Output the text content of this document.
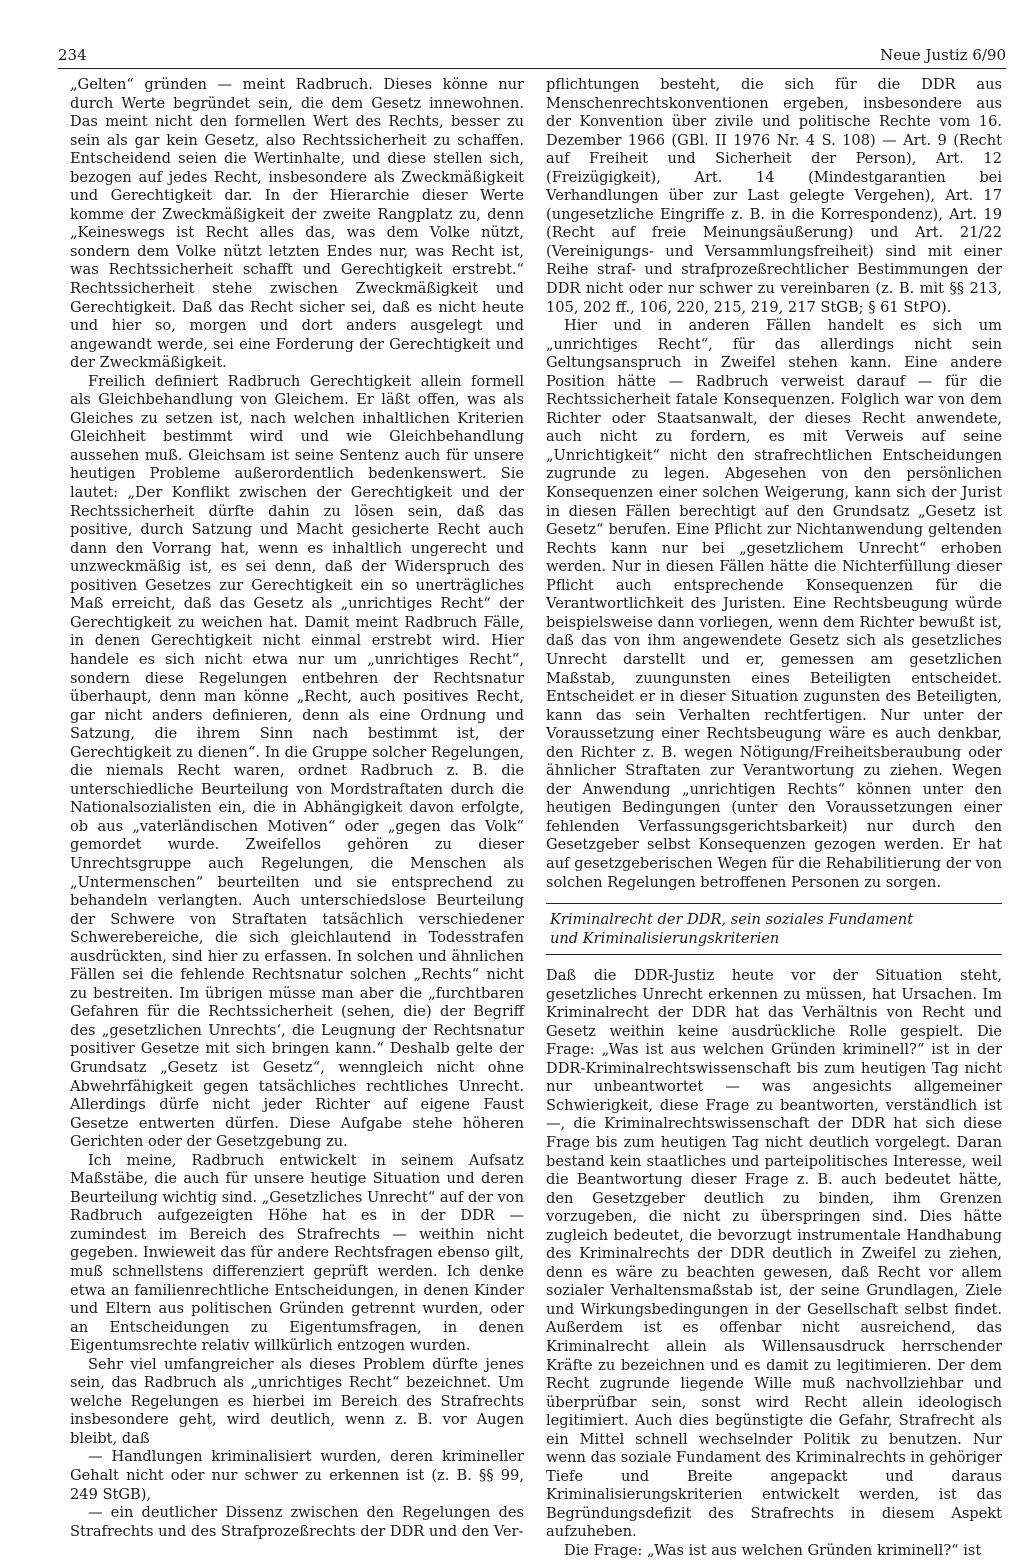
234	Neue Justiz 6/90

„Gelten“ gründen — meint Radbruch. Dieses könne nur durch Werte begründet sein, die dem Gesetz innewohnen. Das meint nicht den formellen Wert des Rechts, besser zu sein als gar kein Gesetz, also Rechtssicherheit zu schaffen. Entscheidend seien die Wertinhalte, und diese stellen sich, bezogen auf jedes Recht, insbesondere als Zweckmäßigkeit und Gerechtigkeit dar. In der Hierarchie dieser Werte komme der Zweckmäßigkeit der zweite Rangplatz zu, denn „Keineswegs ist Recht alles das, was dem Volke nützt, sondern dem Volke nützt letzten Endes nur, was Recht ist, was Rechtssicherheit schafft und Gerechtigkeit erstrebt.“ Rechtssicherheit stehe zwischen Zweckmäßigkeit und Gerechtigkeit. Daß das Recht sicher sei, daß es nicht heute und hier so, morgen und dort anders ausgelegt und angewandt werde, sei eine Forderung der Gerechtigkeit und der Zweckmäßigkeit.

Freilich definiert Radbruch Gerechtigkeit allein formell als Gleichbehandlung von Gleichem. Er läßt offen, was als Gleiches zu setzen ist, nach welchen inhaltlichen Kriterien Gleichheit bestimmt wird und wie Gleichbehandlung aussehen muß. Gleichsam ist seine Sentenz auch für unsere heutigen Probleme außerordentlich bedenkenswert. Sie lautet: „Der Konflikt zwischen der Gerechtigkeit und der Rechtssicherheit dürfte dahin zu lösen sein, daß das positive, durch Satzung und Macht gesicherte Recht auch dann den Vorrang hat, wenn es inhaltlich ungerecht und unzweckmäßig ist, es sei denn, daß der Widerspruch des positiven Gesetzes zur Gerechtigkeit ein so unerträgliches Maß erreicht, daß das Gesetz als „unrichtiges Recht“ der Gerechtigkeit zu weichen hat. Damit meint Radbruch Fälle, in denen Gerechtigkeit nicht einmal erstrebt wird. Hier handele es sich nicht etwa nur um „unrichtiges Recht“, sondern diese Regelungen entbehren der Rechtsnatur überhaupt, denn man könne „Recht, auch positives Recht, gar nicht anders definieren, denn als eine Ordnung und Satzung, die ihrem Sinn nach bestimmt ist, der Gerechtigkeit zu dienen“. In die Gruppe solcher Regelungen, die niemals Recht waren, ordnet Radbruch z. B. die unterschiedliche Beurteilung von Mordstraftaten durch die Nationalsozialisten ein, die in Abhängigkeit davon erfolgte, ob aus „vaterländischen Motiven“ oder „gegen das Volk“ gemordet wurde. Zweifellos gehören zu dieser Unrechtsgruppe auch Regelungen, die Menschen als „Untermenschen“ beurteilten und sie entsprechend zu behandeln verlangten. Auch unterschiedslose Beurteilung der Schwere von Straftaten tatsächlich verschiedener Schwerebereiche, die sich gleichlautend in Todesstrafen ausdrückten, sind hier zu erfassen. In solchen und ähnlichen Fällen sei die fehlende Rechtsnatur solchen „Rechts“ nicht zu bestreiten. Im übrigen müsse man aber die „furchtbaren Gefahren für die Rechtssicherheit (sehen, die) der Begriff des „gesetzlichen Unrechts‘, die Leugnung der Rechtsnatur positiver Gesetze mit sich bringen kann.“ Deshalb gelte der Grundsatz „Gesetz ist Gesetz“, wenngleich nicht ohne Abwehrfähigkeit gegen tatsächliches rechtliches Unrecht. Allerdings dürfe nicht jeder Richter auf eigene Faust Gesetze entwerten dürfen. Diese Aufgabe stehe höheren Gerichten oder der Gesetzgebung zu.

Ich meine, Radbruch entwickelt in seinem Aufsatz Maßstäbe, die auch für unsere heutige Situation und deren Beurteilung wichtig sind. „Gesetzliches Unrecht“ auf der von Radbruch aufgezeigten Höhe hat es in der DDR — zumindest im Bereich des Strafrechts — weithin nicht gegeben. Inwieweit das für andere Rechtsfragen ebenso gilt, muß schnellstens differenziert geprüft werden. Ich denke etwa an familienrechtliche Entscheidungen, in denen Kinder und Eltern aus politischen Gründen getrennt wurden, oder an Entscheidungen zu Eigentumsfragen, in denen Eigentumsrechte relativ willkürlich entzogen wurden.

Sehr viel umfangreicher als dieses Problem dürfte jenes sein, das Radbruch als „unrichtiges Recht“ bezeichnet. Um welche Regelungen es hierbei im Bereich des Strafrechts insbesondere geht, wird deutlich, wenn z. B. vor Augen bleibt, daß

— Handlungen kriminalisiert wurden, deren krimineller Gehalt nicht oder nur schwer zu erkennen ist (z. B. §§ 99, 249 StGB),

— ein deutlicher Dissenz zwischen den Regelungen des Strafrechts und des Strafprozeßrechts der DDR und den Ver-

pflichtungen besteht, die sich für die DDR aus Menschenrechtskonventionen ergeben, insbesondere aus der Konvention über zivile und politische Rechte vom 16. Dezember 1966 (GBl. II 1976 Nr. 4 S. 108) — Art. 9 (Recht auf Freiheit und Sicherheit der Person), Art. 12 (Freizügigkeit), Art. 14 (Mindestgarantien bei Verhandlungen über zur Last gelegte Vergehen), Art. 17 (ungesetzliche Eingriffe z. B. in die Korrespondenz), Art. 19 (Recht auf freie Meinungsäußerung) und Art. 21/22 (Vereinigungs- und Versammlungsfreiheit) sind mit einer Reihe straf- und strafprozeßrechtlicher Bestimmungen der DDR nicht oder nur schwer zu vereinbaren (z. B. mit §§ 213, 105, 202 ff., 106, 220, 215, 219, 217 StGB; § 61 StPO).

Hier und in anderen Fällen handelt es sich um „unrichtiges Recht“, für das allerdings nicht sein Geltungsanspruch in Zweifel stehen kann. Eine andere Position hätte — Radbruch verweist darauf — für die Rechtssicherheit fatale Konsequenzen. Folglich war von dem Richter oder Staatsanwalt, der dieses Recht anwendete, auch nicht zu fordern, es mit Verweis auf seine „Unrichtigkeit“ nicht den strafrechtlichen Entscheidungen zugrunde zu legen. Abgesehen von den persönlichen Konsequenzen einer solchen Weigerung, kann sich der Jurist in diesen Fällen berechtigt auf den Grundsatz „Gesetz ist Gesetz“ berufen. Eine Pflicht zur Nichtanwendung geltenden Rechts kann nur bei „gesetzlichem Unrecht“ erhoben werden. Nur in diesen Fällen hätte die Nichterfüllung dieser Pflicht auch entsprechende Konsequenzen für die Verantwortlichkeit des Juristen. Eine Rechtsbeugung würde beispielsweise dann vorliegen, wenn dem Richter bewußt ist, daß das von ihm angewendete Gesetz sich als gesetzliches Unrecht darstellt und er, gemessen am gesetzlichen Maßstab, zuungunsten eines Beteiligten entscheidet. Entscheidet er in dieser Situation zugunsten des Beteiligten, kann das sein Verhalten rechtfertigen. Nur unter der Voraussetzung einer Rechtsbeugung wäre es auch denkbar, den Richter z. B. wegen Nötigung/Freiheitsberaubung oder ähnlicher Straftaten zur Verantwortung zu ziehen. Wegen der Anwendung „unrichtigen Rechts“ können unter den heutigen Bedingungen (unter den Voraussetzungen einer fehlenden Verfassungsgerichtsbarkeit) nur durch den Gesetzgeber selbst Konsequenzen gezogen werden. Er hat auf gesetzgeberischen Wegen für die Rehabilitierung der von solchen Regelungen betroffenen Personen zu sorgen.

Kriminalrecht der DDR, sein soziales Fundament
und Kriminalisierungskriterien

Daß die DDR-Justiz heute vor der Situation steht, gesetzliches Unrecht erkennen zu müssen, hat Ursachen. Im Kriminalrecht der DDR hat das Verhältnis von Recht und Gesetz weithin keine ausdrückliche Rolle gespielt. Die Frage: „Was ist aus welchen Gründen kriminell?“ ist in der DDR-Kriminalrechtswissenschaft bis zum heutigen Tag nicht nur unbeantwortet — was angesichts allgemeiner Schwierigkeit, diese Frage zu beantworten, verständlich ist —, die Kriminalrechtswissenschaft der DDR hat sich diese Frage bis zum heutigen Tag nicht deutlich vorgelegt. Daran bestand kein staatliches und parteipolitisches Interesse, weil die Beantwortung dieser Frage z. B. auch bedeutet hätte, den Gesetzgeber deutlich zu binden, ihm Grenzen vorzugeben, die nicht zu überspringen sind. Dies hätte zugleich bedeutet, die bevorzugt instrumentale Handhabung des Kriminalrechts der DDR deutlich in Zweifel zu ziehen, denn es wäre zu beachten gewesen, daß Recht vor allem sozialer Verhaltensmaßstab ist, der seine Grundlagen, Ziele und Wirkungsbedingungen in der Gesellschaft selbst findet. Außerdem ist es offenbar nicht ausreichend, das Kriminalrecht allein als Willensausdruck herrschender Kräfte zu bezeichnen und es damit zu legitimieren. Der dem Recht zugrunde liegende Wille muß nachvollziehbar und überprüfbar sein, sonst wird Recht allein ideologisch legitimiert. Auch dies begünstigte die Gefahr, Strafrecht als ein Mittel schnell wechselnder Politik zu benutzen. Nur wenn das soziale Fundament des Kriminalrechts in gehöriger Tiefe und Breite angepackt und daraus Kriminalisierungskriterien entwickelt werden, ist das Begründungsdefizit des Strafrechts in diesem Aspekt aufzuheben.

Die Frage: „Was ist aus welchen Gründen kriminell?“ ist
